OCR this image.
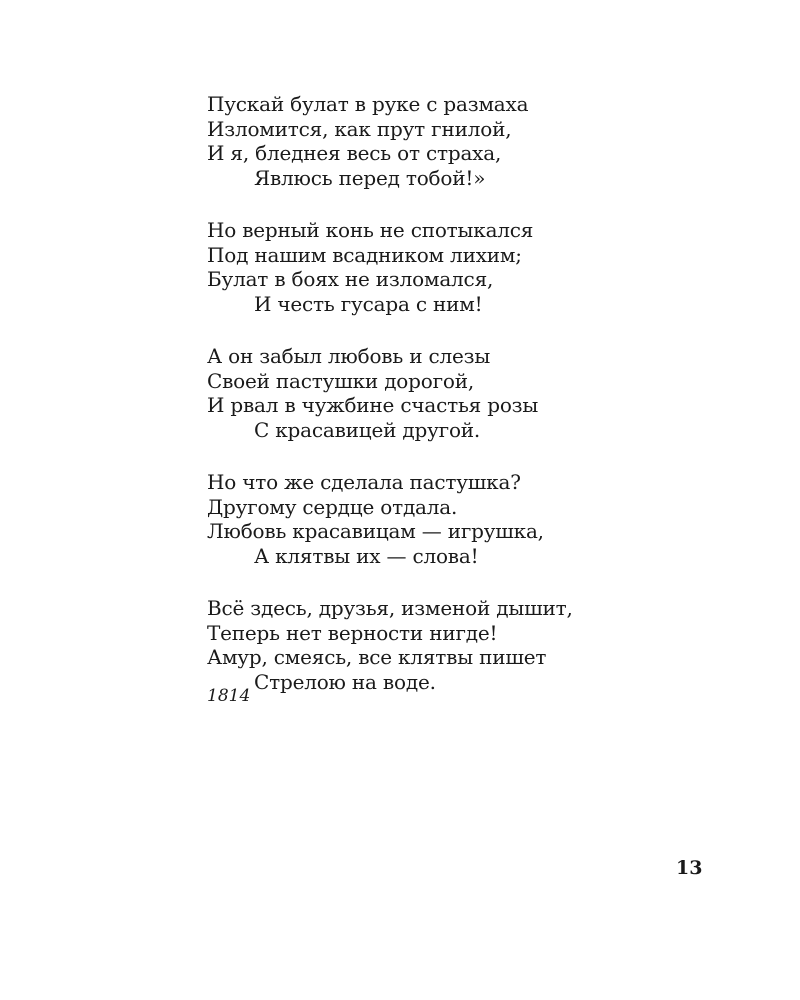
Пускай булат в руке с размаха
Изломится, как прут гнилой,
И я, бледнея весь от страха,
Явлюсь перед тобой!»
Но верный конь не спотыкался
Под нашим всадником лихим;
Булат в боях не изломался,
И честь гусара с ним!
А он забыл любовь и слезы
Своей пастушки дорогой,
И рвал в чужбине счастья розы
С красавицей другой.
Но что же сделала пастушка?
Другому сердце отдала.
Любовь красавицам — игрушка,
А клятвы их — слова!
Всё здесь, друзья, изменой дышит,
Теперь нет верности нигде!
Амур, смеясь, все клятвы пишет
Стрелою на воде.
1814
13
